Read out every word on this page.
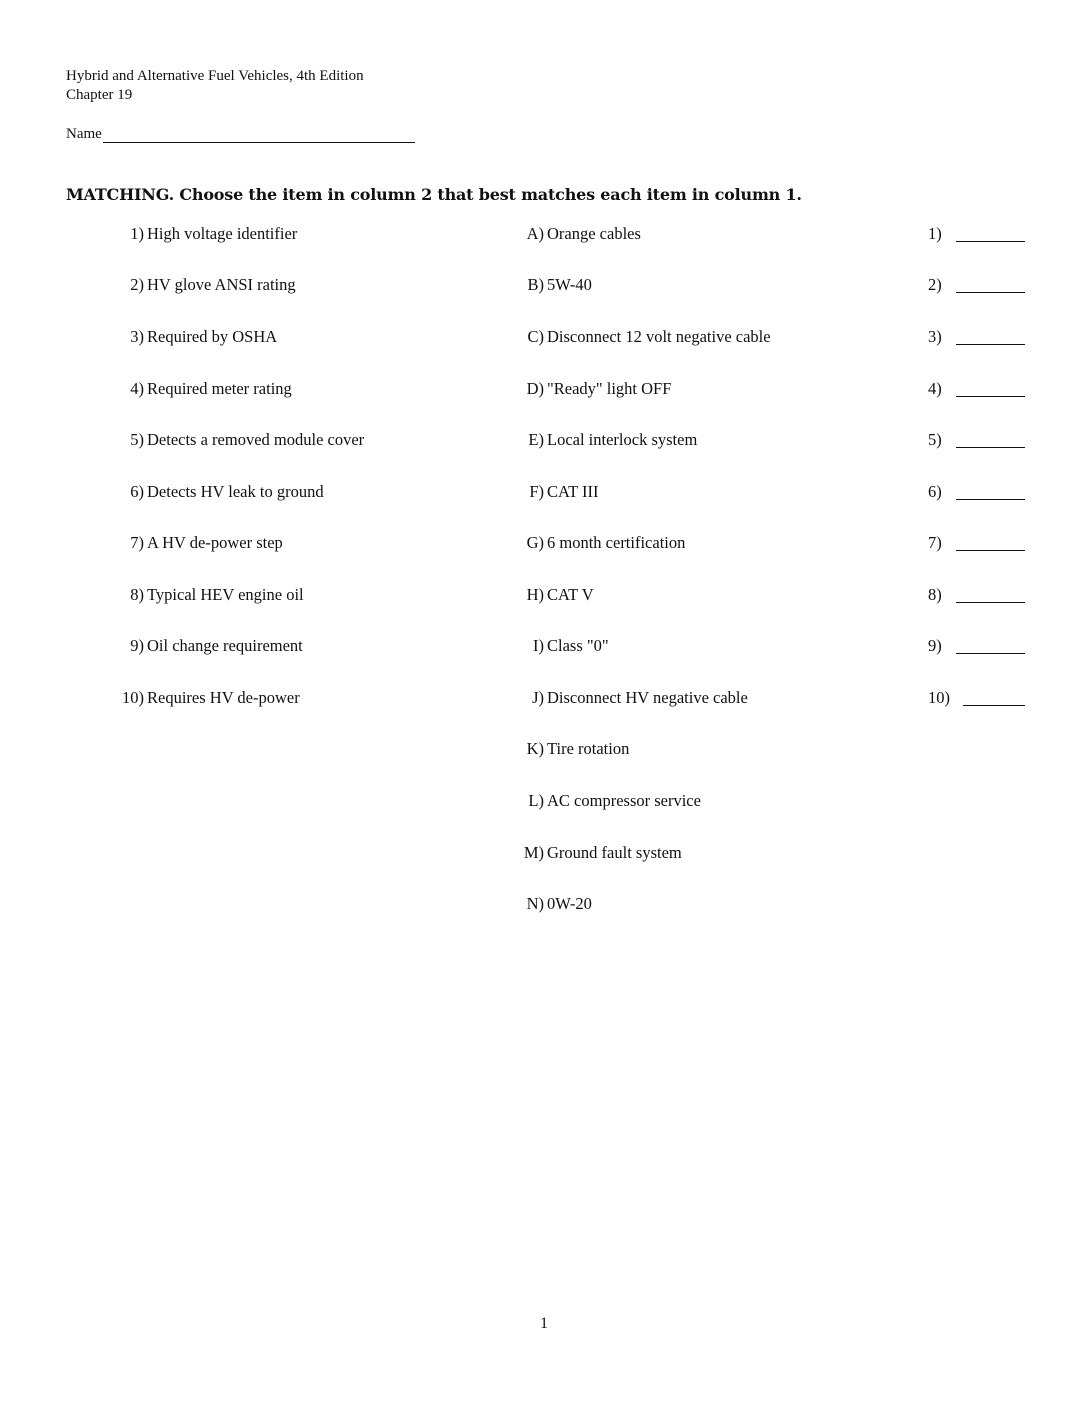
Hybrid and Alternative Fuel Vehicles, 4th Edition
Chapter 19
Name
MATCHING. Choose the item in column 2 that best matches each item in column 1.
1) High voltage identifier	A) Orange cables	1)
2) HV glove ANSI rating	B) 5W-40	2)
3) Required by OSHA	C) Disconnect 12 volt negative cable	3)
4) Required meter rating	D) "Ready" light OFF	4)
5) Detects a removed module cover	E) Local interlock system	5)
6) Detects HV leak to ground	F) CAT III	6)
7) A HV de-power step	G) 6 month certification	7)
8) Typical HEV engine oil	H) CAT V	8)
9) Oil change requirement	I) Class "0"	9)
10) Requires HV de-power	J) Disconnect HV negative cable	10)
K) Tire rotation
L) AC compressor service
M) Ground fault system
N) 0W-20
1
